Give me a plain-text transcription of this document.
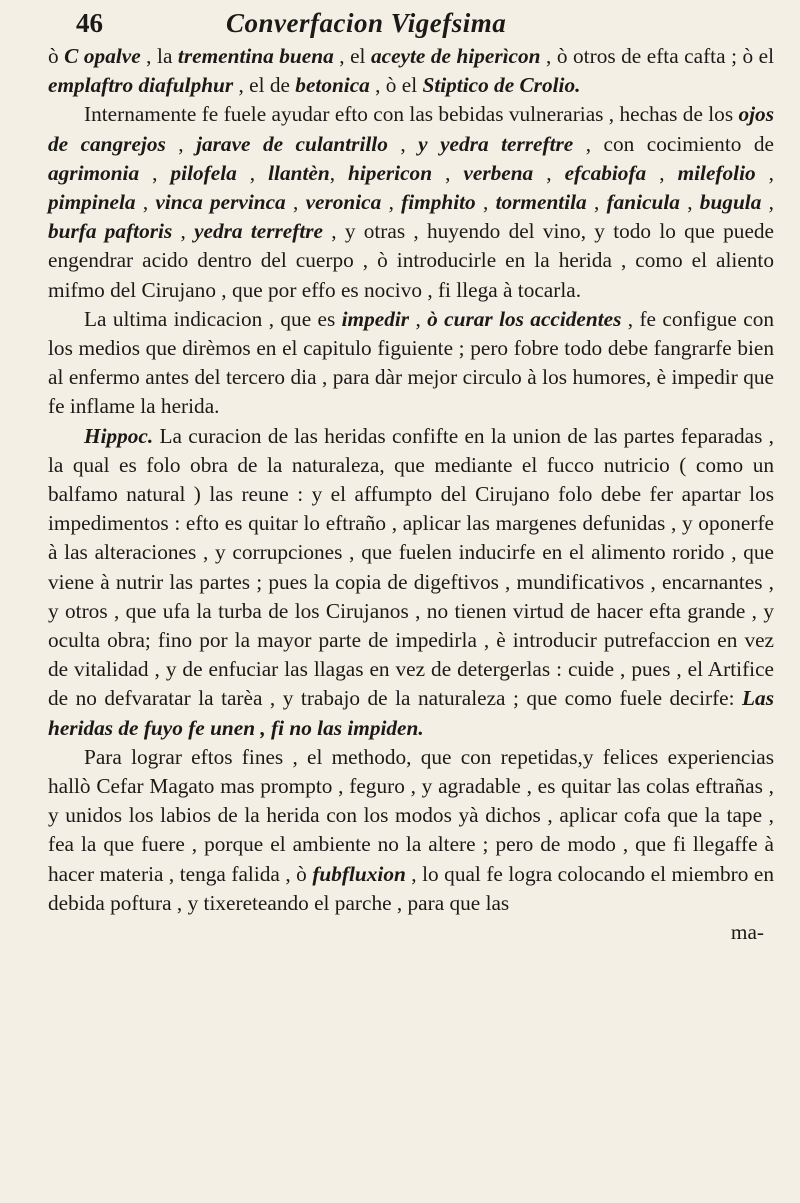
46	Converfacion Vigefsima

ò C opalve , la trementina buena , el aceyte de hiperìcon , ò otros de efta cafta ; ò el emplaftro diafulphur , el de betonica , ò el Stiptico de Crolio.

Internamente fe fuele ayudar efto con las bebidas vulnerarias , hechas de los ojos de cangrejos , jarave de culantrillo , y yedra terreftre , con cocimiento de agrimonia , pilofela , llantèn, hipericon , verbena , efcabiofa , milefolio , pimpinela , vinca pervinca , veronica , fimphito , tormentila , fanicula , bugula , burfa paftoris , yedra terreftre , y otras , huyendo del vino, y todo lo que puede engendrar acido dentro del cuerpo , ò introducirle en la herida , como el aliento mifmo del Cirujano , que por effo es nocivo , fi llega à tocarla.

La ultima indicacion , que es impedir , ò curar los accidentes , fe configue con los medios que dirèmos en el capitulo figuiente ; pero fobre todo debe fangrarfe bien al enfermo antes del tercero dia , para dàr mejor circulo à los humores, è impedir que fe inflame la herida.

Hippoc. La curacion de las heridas confifte en la union de las partes feparadas , la qual es folo obra de la naturaleza, que mediante el fucco nutricio ( como un balfamo natural ) las reune : y el affumpto del Cirujano folo debe fer apartar los impedimentos : efto es quitar lo eftraño , aplicar las margenes defunidas , y oponerfe à las alteraciones , y corrupciones , que fuelen inducirfe en el alimento rorido , que viene à nutrir las partes ; pues la copia de digeftivos , mundificativos , encarnantes , y otros , que ufa la turba de los Cirujanos , no tienen virtud de hacer efta grande , y oculta obra; fino por la mayor parte de impedirla , è introducir putrefaccion en vez de vitalidad , y de enfuciar las llagas en vez de detergerlas : cuide , pues , el Artifice de no defvaratar la tarèa , y trabajo de la naturaleza ; que como fuele decirfe: Las heridas de fuyo fe unen , fi no las impiden.

Para lograr eftos fines , el methodo, que con repetidas,y felices experiencias hallò Cefar Magato mas prompto , feguro , y agradable , es quitar las colas eftrañas , y unidos los labios de la herida con los modos yà dichos , aplicar cofa que la tape , fea la que fuere , porque el ambiente no la altere ; pero de modo , que fi llegaffe à hacer materia , tenga falida , ò fubfluxion , lo qual fe logra colocando el miembro en debida poftura , y tixereteando el parche , para que las

ma-
